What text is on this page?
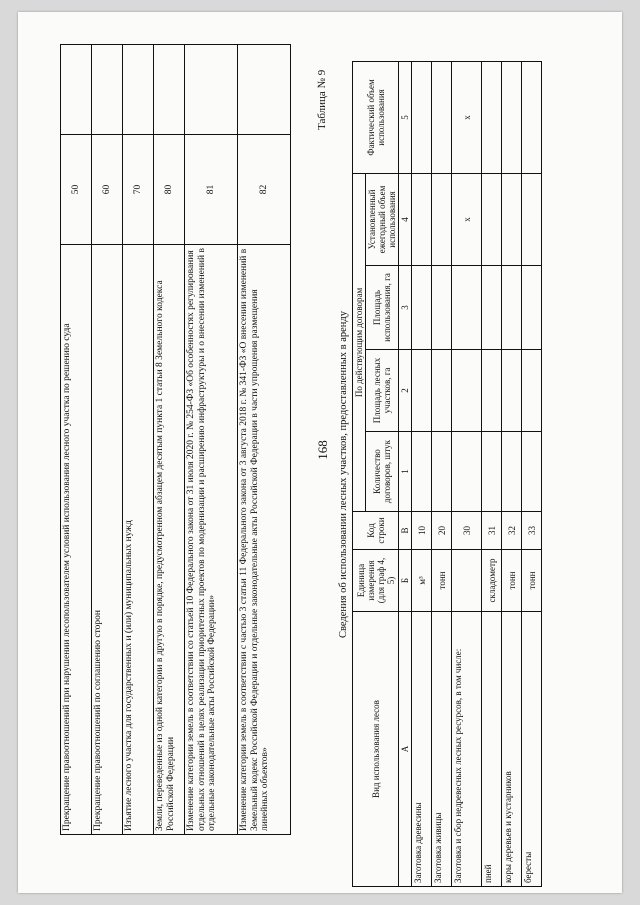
168
Прекращение правоотношений при нарушении лесопользователем условий использования лесного участка по решению суда	50	
Прекращение правоотношений по соглашению сторон	60	
Изъятие лесного участка для государственных и (или) муниципальных нужд	70	
Земли, переведенные из одной категории в другую в порядке, предусмотренном абзацем десятым пункта 1 статьи 8 Земельного кодекса Российской Федерации	80	
Изменение категории земель в соответствии со статьей 10 Федерального закона от 31 июля 2020 г. № 254-ФЗ «Об особенностях регулирования отдельных отношений в целях реализации приоритетных проектов по модернизации и расширению инфраструктуры и о внесении изменений в отдельные законодательные акты Российской Федерации»	81	
Изменение категории земель в соответствии с частью 3 статьи 11 Федерального закона от 3 августа 2018 г. № 341-ФЗ «О внесении изменений в Земельный кодекс Российской Федерации и отдельные законодательные акты Российской Федерации в части упрощения размещения линейных объектов»	82	
Таблица № 9
Сведения об использовании лесных участков, предоставленных в аренду
Вид использования лесов	Единица измерения (для граф 4, 5)	Код строки	По действующим договорам				Фактический объем использования
			Количество договоров, штук	Площадь лесных участков, га	Площадь использования, га	Установленный ежегодный объем использования	
А	Б	В	1	2	3	4	5
Заготовка древесины	м³	10					
Заготовка живицы	тонн	20					
Заготовка и сбор недревесных лесных ресурсов, в том числе:		30				х	х
пней	складометр	31					
коры деревьев и кустарников	тонн	32					
бересты	тонн	33					
